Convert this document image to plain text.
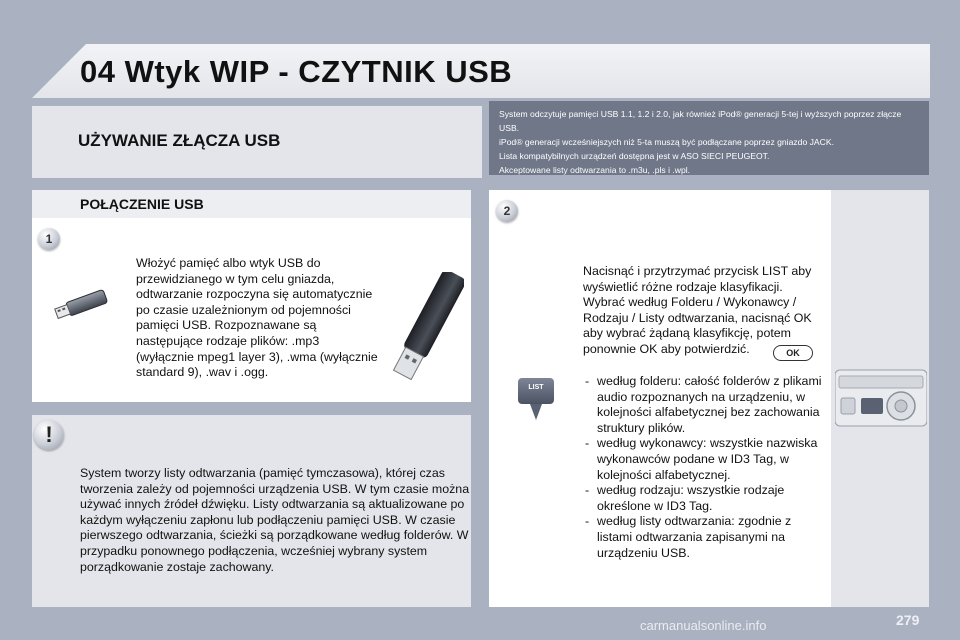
04 Wtyk WIP - CZYTNIK USB
UŻYWANIE ZŁĄCZA USB

System odczytuje pamięci USB 1.1, 1.2 i 2.0, jak również iPod® generacji 5-tej i wyższych poprzez złącze USB.

iPod® generacji wcześniejszych niż 5-ta muszą być podłączane poprzez gniazdo JACK.

Lista kompatybilnych urządzeń dostępna jest w ASO SIECI PEUGEOT.

Akceptowane listy odtwarzania to .m3u, .pls i .wpl.

POŁĄCZENIE USB
1

Włożyć pamięć albo wtyk USB do przewidzianego w tym celu gniazda, odtwarzanie rozpoczyna się automatycznie po czasie uzależnionym od pojemności pamięci USB. Rozpoznawane są następujące rodzaje plików: .mp3 (wyłącznie mpeg1 layer 3), .wma (wyłącznie standard 9), .wav i .ogg.

!

System tworzy listy odtwarzania (pamięć tymczasowa), której czas tworzenia zależy od pojemności urządzenia USB. W tym czasie można używać innych źródeł dźwięku. Listy odtwarzania są aktualizowane po każdym wyłączeniu zapłonu lub podłączeniu pamięci USB. W czasie pierwszego odtwarzania, ścieżki są porządkowane według folderów. W przypadku ponownego podłączenia, wcześniej wybrany system porządkowanie zostaje zachowany.

2

Nacisnąć i przytrzymać przycisk LIST aby wyświetlić różne rodzaje klasyfikacji. Wybrać według Folderu / Wykonawcy / Rodzaju / Listy odtwarzania, nacisnąć OK aby wybrać żądaną klasyfikcję, potem ponownie OK aby potwierdzić.	OK
LIST
-	według folderu: całość folderów z plikami audio rozpoznanych na urządzeniu, w kolejności alfabetycznej bez zachowania struktury plików.
- według wykonawcy: wszystkie nazwiska wykonawców podane w ID3 Tag, w kolejności alfabetycznej.
- według rodzaju: wszystkie rodzaje określone w ID3 Tag.
- według listy odtwarzania: zgodnie z listami odtwarzania zapisanymi na urządzeniu USB.
carmanualsonline.info	279
